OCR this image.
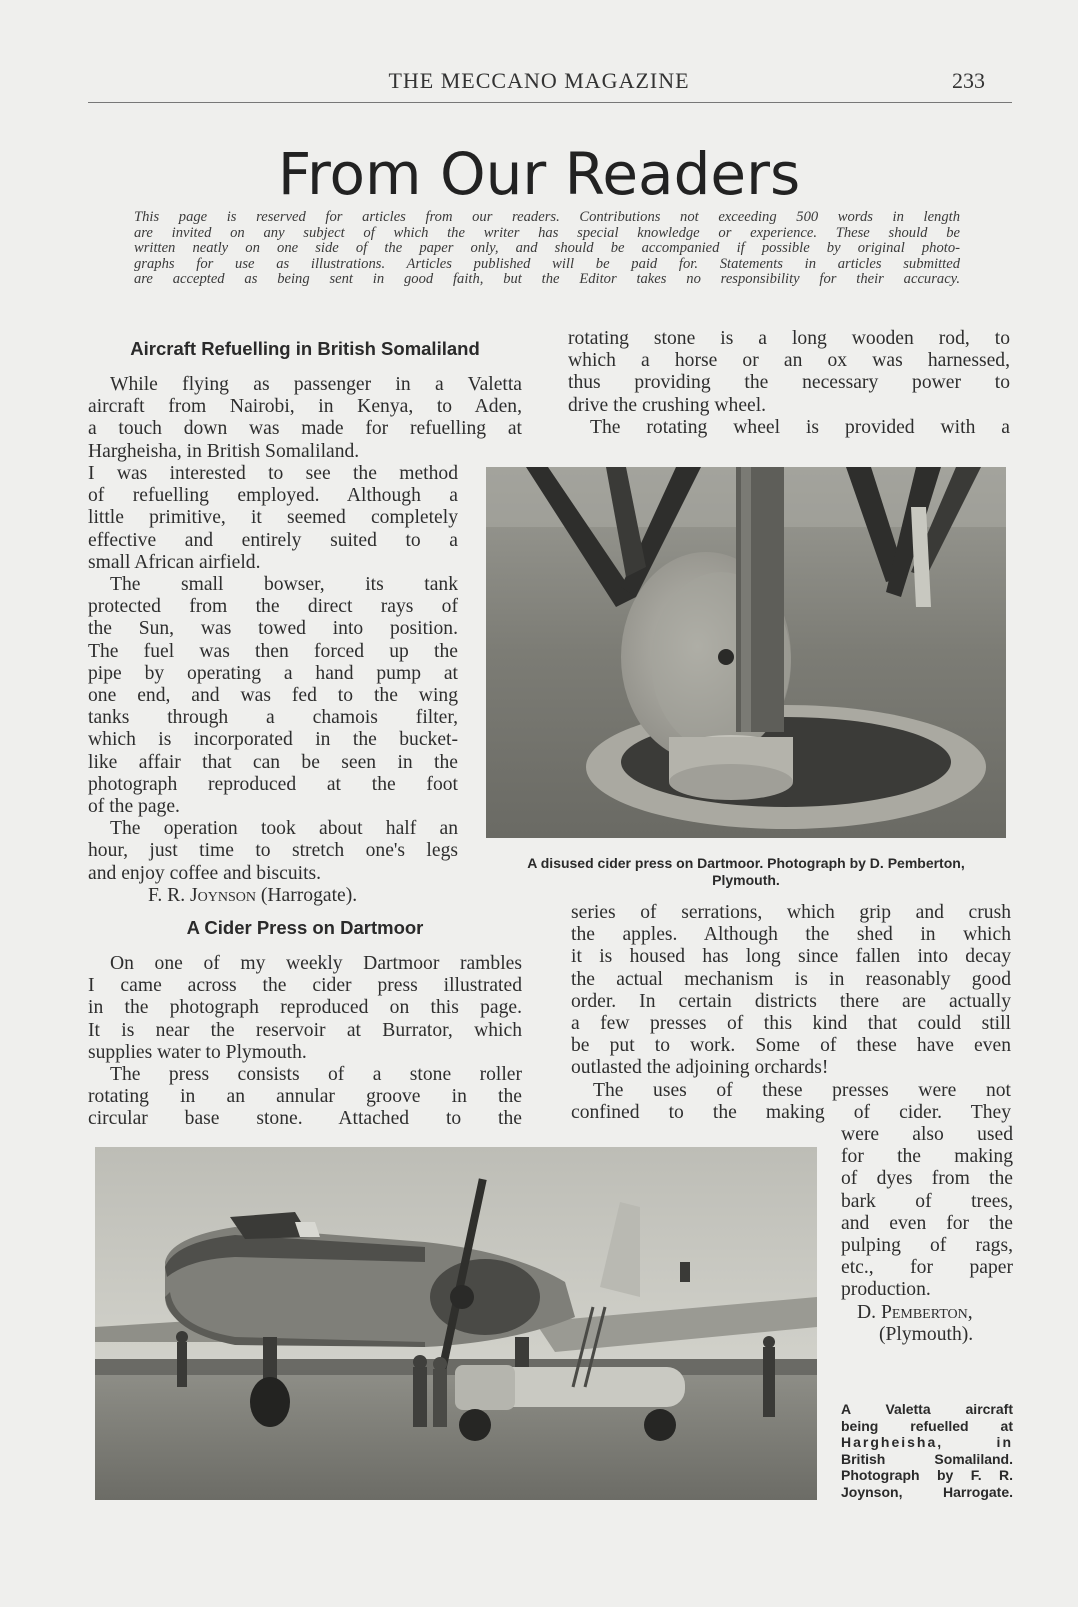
THE MECCANO MAGAZINE	233
From Our Readers
This page is reserved for articles from our readers. Contributions not exceeding 500 words in length
are invited on any subject of which the writer has special knowledge or experience. These should be
written neatly on one side of the paper only, and should be accompanied if possible by original photo-
graphs for use as illustrations. Articles published will be paid for. Statements in articles submitted
are accepted as being sent in good faith, but the Editor takes no responsibility for their accuracy.
Aircraft Refuelling in British Somaliland

While flying as passenger in a Valetta

aircraft from Nairobi, in Kenya, to Aden,

a touch down was made for refuelling at

Hargheisha, in British Somaliland.

I was interested to see the method
of refuelling employed. Although a
little primitive, it seemed completely
effective and entirely suited to a
small African airfield.
The small bowser, its tank
protected from the direct rays of
the Sun, was towed into position.
The fuel was then forced up the
pipe by operating a hand pump at
one end, and was fed to the wing
tanks through a chamois filter,
which is incorporated in the bucket-
like affair that can be seen in the
photograph reproduced at the foot
of the page.
The operation took about half an
hour, just time to stretch one's legs
and enjoy coffee and biscuits.
F. R. Joynson (Harrogate).
A Cider Press on Dartmoor
On one of my weekly Dartmoor rambles
I came across the cider press illustrated
in the photograph reproduced on this page.
It is near the reservoir at Burrator, which
supplies water to Plymouth.
The press consists of a stone roller
rotating in an annular groove in the
circular base stone. Attached to the
rotating stone is a long wooden rod, to
which a horse or an ox was harnessed,
thus providing the necessary power to
drive the crushing wheel.
The rotating wheel is provided with a
A disused cider press on Dartmoor. Photograph by D. Pemberton,
Plymouth.
series of serrations, which grip and crush
the apples. Although the shed in which
it is housed has long since fallen into decay
the actual mechanism is in reasonably good
order. In certain districts there are actually
a few presses of this kind that could still
be put to work. Some of these have even
outlasted the adjoining orchards!
The uses of these presses were not
confined to the making of cider. They
were also used
for the making
of dyes from the
bark of trees,
and even for the
pulping of rags,
etc., for paper
production.
D. Pemberton,
(Plymouth).
A Valetta aircraft
being refuelled at
Hargheisha, in
British Somaliland.
Photograph by F. R.
Joynson, Harrogate.
